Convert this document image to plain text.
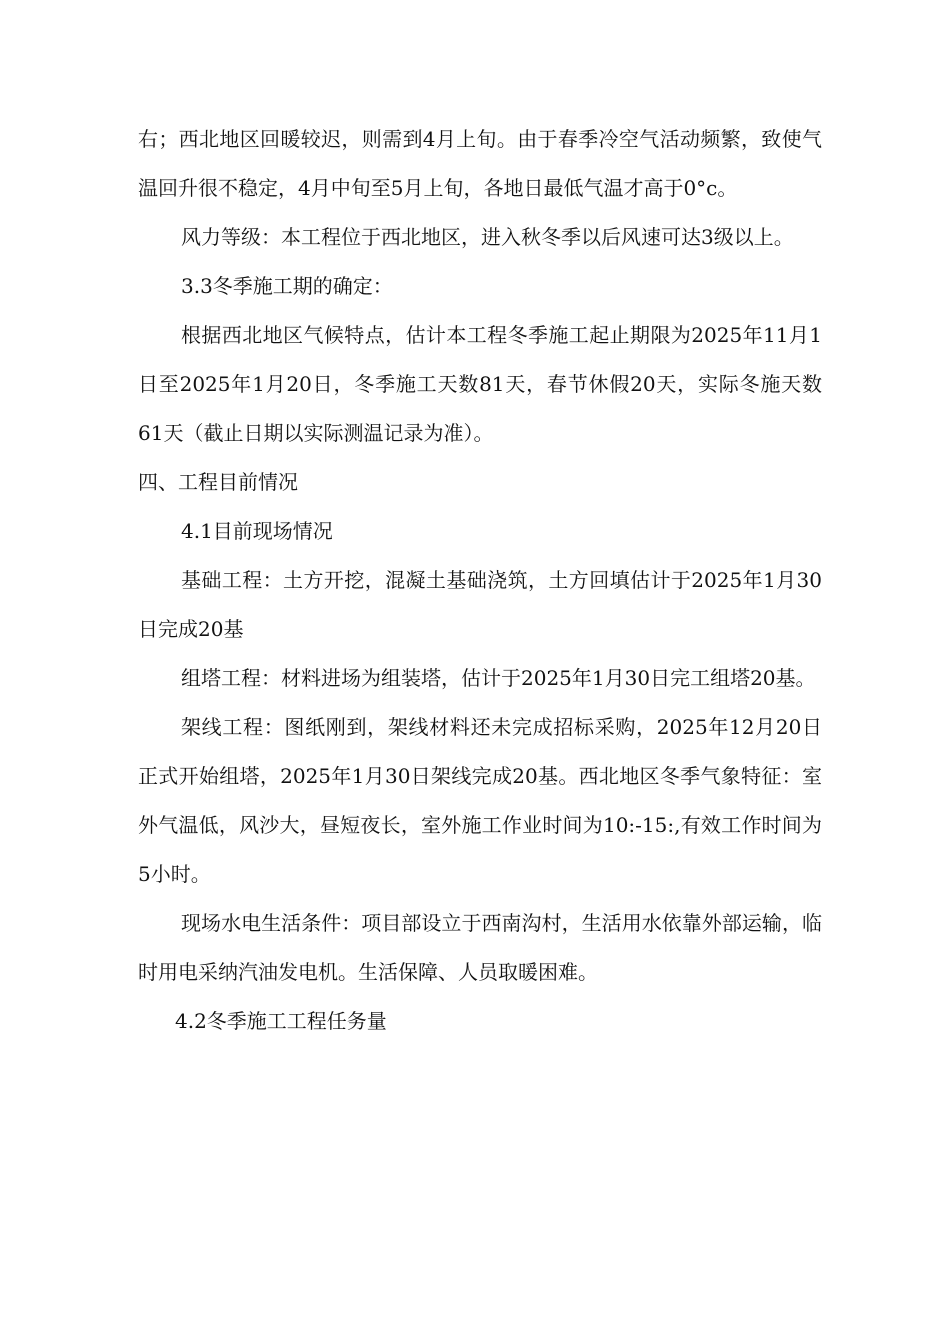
右；西北地区回暖较迟，则需到4月上旬。由于春季冷空气活动频繁，致使气温回升很不稳定，4月中旬至5月上旬，各地日最低气温才高于0°c。

风力等级：本工程位于西北地区，进入秋冬季以后风速可达3级以上。

3.3冬季施工期的确定：

根据西北地区气候特点，估计本工程冬季施工起止期限为2025年11月1日至2025年1月20日，冬季施工天数81天，春节休假20天，实际冬施天数61天（截止日期以实际测温记录为准）。

四、工程目前情况

4.1目前现场情况

基础工程：土方开挖，混凝土基础浇筑，土方回填估计于2025年1月30日完成20基

组塔工程：材料进场为组装塔，估计于2025年1月30日完工组塔20基。

架线工程：图纸刚到，架线材料还未完成招标采购，2025年12月20日正式开始组塔，2025年1月30日架线完成20基。西北地区冬季气象特征：室外气温低，风沙大，昼短夜长，室外施工作业时间为10:-15:,有效工作时间为5小时。

现场水电生活条件：项目部设立于西南沟村，生活用水依靠外部运输，临时用电采纳汽油发电机。生活保障、人员取暖困难。

4.2冬季施工工程任务量
